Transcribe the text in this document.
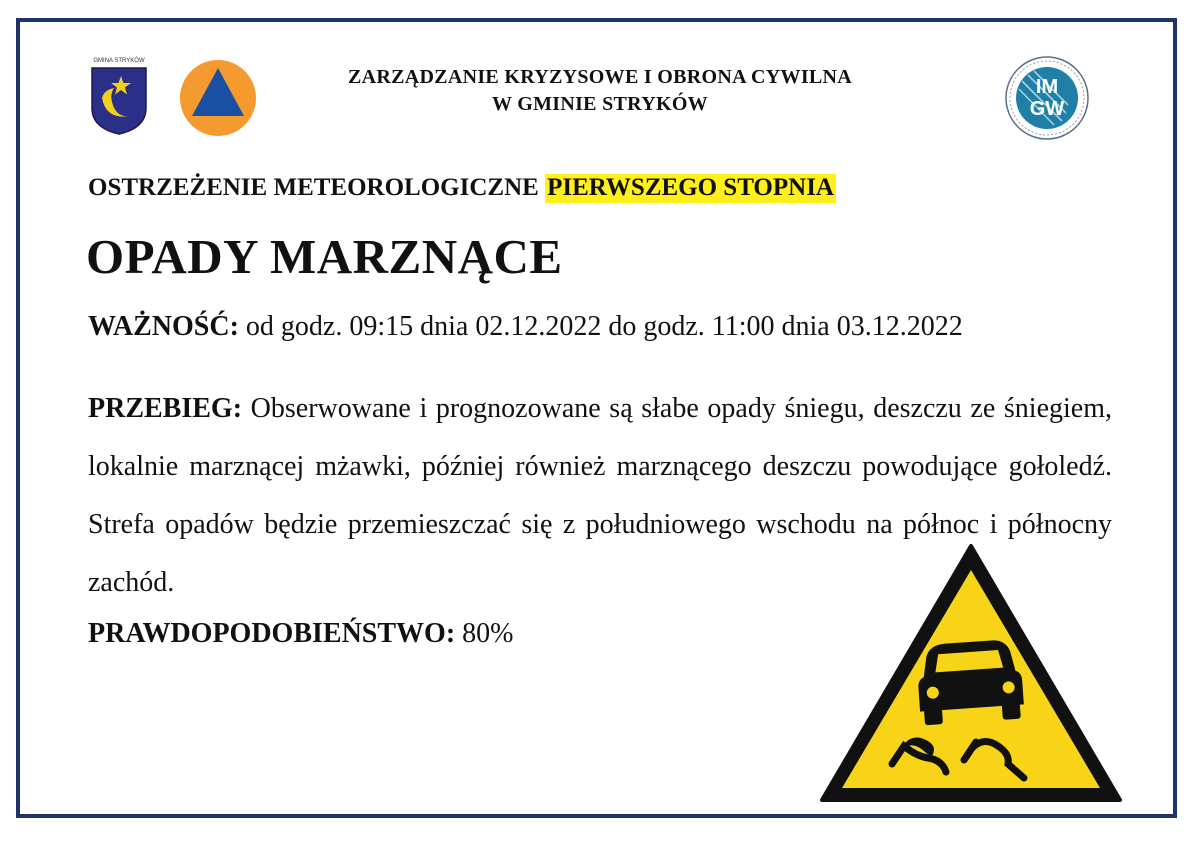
GMINA STRYKÓW
ZARZĄDZANIE KRYZYSOWE I OBRONA CYWILNA
W GMINIE STRYKÓW
IM
GW
OSTRZEŻENIE METEOROLOGICZNE PIERWSZEGO STOPNIA
OPADY MARZNĄCE
WAŻNOŚĆ: od godz. 09:15 dnia 02.12.2022 do godz. 11:00 dnia 03.12.2022
PRZEBIEG: Obserwowane i prognozowane są słabe opady śniegu, deszczu ze śniegiem, lokalnie marznącej mżawki, później również marznącego deszczu powodujące gołoledź. Strefa opadów będzie przemieszczać się z południowego wschodu na północ i północny zachód.
PRAWDOPODOBIEŃSTWO: 80%
